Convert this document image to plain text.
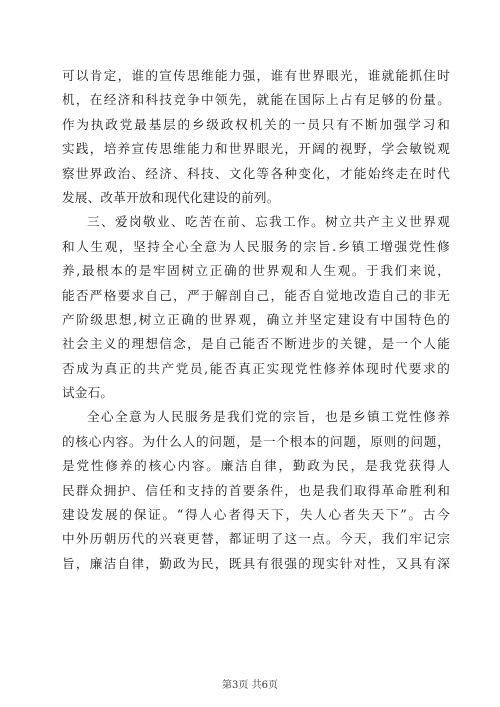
可以肯定，谁的宣传思维能力强，谁有世界眼光，谁就能抓住时
机，在经济和科技竞争中领先，就能在国际上占有足够的份量。
作为执政党最基层的乡级政权机关的一员只有不断加强学习和
实践，培养宣传思维能力和世界眼光，开阔的视野，学会敏锐观
察世界政治、经济、科技、文化等各种变化，才能始终走在时代
发展、改革开放和现代化建设的前列。
三、爱岗敬业、吃苦在前、忘我工作。树立共产主义世界观
和人生观，坚持全心全意为人民服务的宗旨.乡镇工增强党性修
养,最根本的是牢固树立正确的世界观和人生观。于我们来说，
能否严格要求自己，严于解剖自己，能否自觉地改造自己的非无
产阶级思想,树立正确的世界观，确立并坚定建设有中国特色的
社会主义的理想信念，是自己能否不断进步的关键，是一个人能
否成为真正的共产党员,能否真正实现党性修养体现时代要求的
试金石。
全心全意为人民服务是我们党的宗旨，也是乡镇工党性修养
的核心内容。为什么人的问题，是一个根本的问题，原则的问题，
是党性修养的核心内容。廉洁自律，勤政为民，是我党获得人
民群众拥护、信任和支持的首要条件，也是我们取得革命胜利和
建设发展的保证。“得人心者得天下，失人心者失天下”。古今
中外历朝历代的兴衰更替，都证明了这一点。今天，我们牢记宗
旨，廉洁自律，勤政为民，既具有很强的现实针对性，又具有深
第3页 共6页
